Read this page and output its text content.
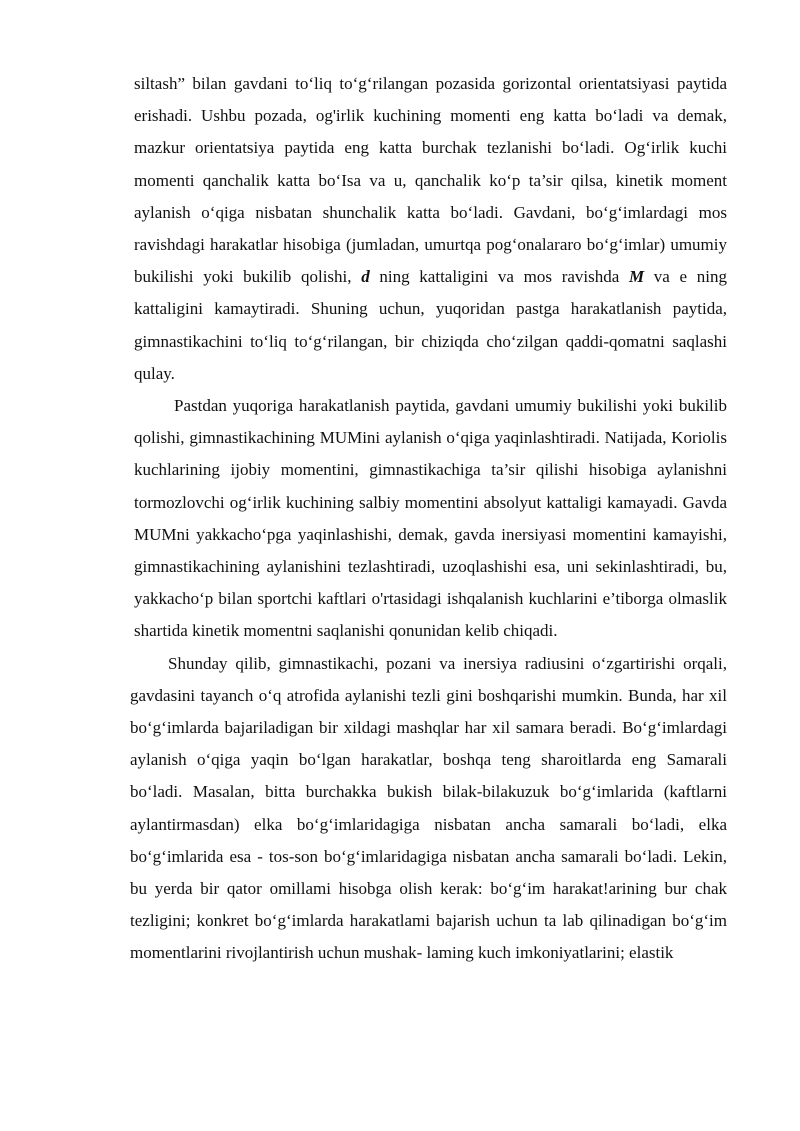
siltash” bilan gavdani to‘liq to‘g‘rilangan pozasida gorizontal orientatsiyasi paytida erishadi. Ushbu pozada, og'irlik kuchining momenti eng katta bo‘ladi va demak, mazkur orientatsiya paytida eng katta burchak tezlanishi bo‘ladi. Og‘irlik kuchi momenti qanchalik katta bo‘Isa va u, qanchalik ko‘p ta’sir qilsa, kinetik moment aylanish o‘qiga nisbatan shunchalik katta bo‘ladi. Gavdani, bo‘g‘imlardagi mos ravishdagi harakatlar hisobiga (jumladan, umurtqa pog‘onalararo bo‘g‘imlar) umumiy bukilishi yoki bukilib qolishi, d ning kattaligini va mos ravishda M va e ning kattaligini kamaytiradi. Shuning uchun, yuqoridan pastga harakatlanish paytida, gimnastikachini to‘liq to‘g‘rilangan, bir chiziqda cho‘zilgan qaddi-qomatni saqlashi qulay.

Pastdan yuqoriga harakatlanish paytida, gavdani umumiy bukilishi yoki bukilib qolishi, gimnastikachining MUMini aylanish o‘qiga yaqinlashtiradi. Natijada, Koriolis kuchlarining ijobiy momentini, gimnastikachiga ta’sir qilishi hisobiga aylanishni tormozlovchi og‘irlik kuchining salbiy momentini absolyut kattaligi kamayadi. Gavda MUMni yakkacho‘pga yaqinlashishi, demak, gavda inersiyasi momentini kamayishi, gimnastikachining aylanishini tezlashtiradi, uzoqlashishi esa, uni sekinlashtiradi, bu, yakkacho‘p bilan sportchi kaftlari o'rtasidagi ishqalanish kuchlarini e’tiborga olmaslik shartida kinetik momentni saqlanishi qonunidan kelib chiqadi.

Shunday qilib, gimnastikachi, pozani va inersiya radiusini o‘zgartirishi orqali, gavdasini tayanch o‘q atrofida aylanishi tezli gini boshqarishi mumkin. Bunda, har xil bo‘g‘imlarda bajariladigan bir xildagi mashqlar har xil samara beradi. Bo‘g‘imlardagi aylanish o‘qiga yaqin bo‘lgan harakatlar, boshqa teng sharoitlarda eng Samarali bo‘ladi. Masalan, bitta burchakka bukish bilak-bilakuzuk bo‘g‘imlarida (kaftlarni aylantirmasdan) elka bo‘g‘imlaridagiga nisbatan ancha samarali bo‘ladi, elka bo‘g‘imlarida esa - tos-son bo‘g‘imlaridagiga nisbatan ancha samarali bo‘ladi. Lekin, bu yerda bir qator omillami hisobga olish kerak: bo‘g‘im harakat!arining bur chak tezligini; konkret bo‘g‘imlarda harakatlami bajarish uchun ta lab qilinadigan bo‘g‘im momentlarini rivojlantirish uchun mushak- laming kuch imkoniyatlarini; elastik
